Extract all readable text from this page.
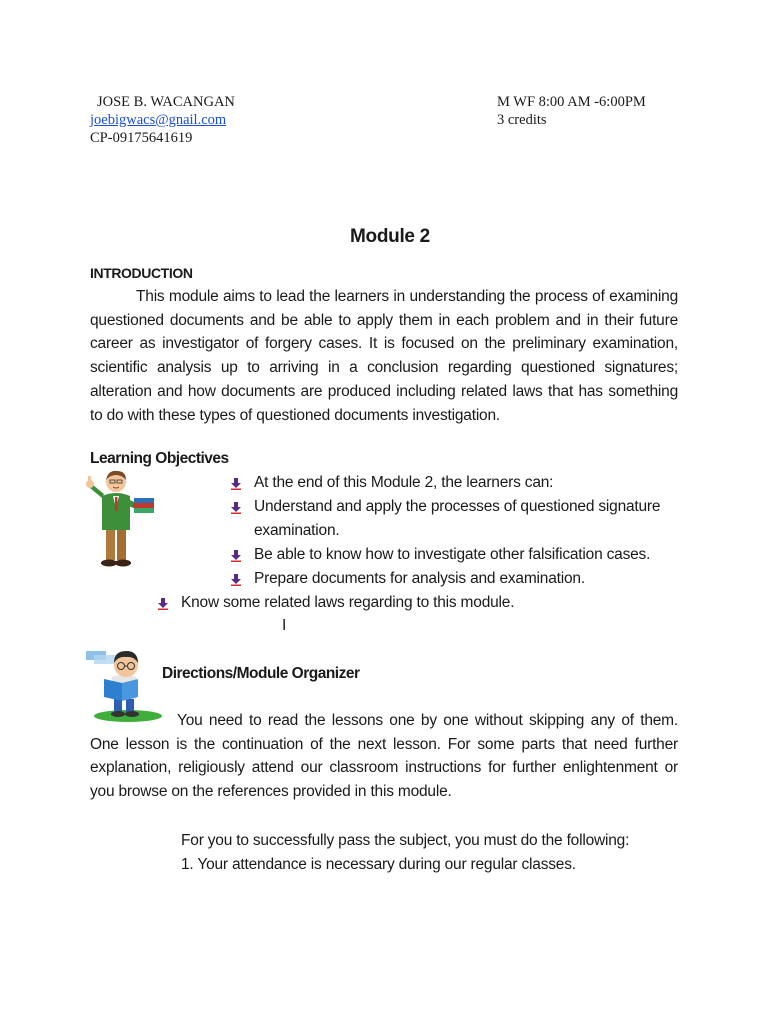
JOSE B. WACANGAN
joebigwacs@gnail.com
CP-09175641619
M WF 8:00 AM -6:00PM
3 credits
Module 2
INTRODUCTION
This module aims to lead the learners in understanding the process of examining questioned documents and be able to apply them in each problem and in their future career as investigator of forgery cases. It is focused on the preliminary examination, scientific analysis up to arriving in a conclusion regarding questioned signatures; alteration and how documents are produced including related laws that has something to do with these types of questioned documents investigation.
Learning Objectives
At the end of this Module 2, the learners can:
Understand and apply the processes of questioned signature
examination.
Be able to know how to investigate other falsification cases.
Prepare documents for analysis and examination.
Know some related laws regarding to this module.
I
Directions/Module Organizer
You need to read the lessons one by one without skipping any of them. One lesson is the continuation of the next lesson. For some parts that need further explanation, religiously attend our classroom instructions for further enlightenment or you browse on the references provided in this module.
For you to successfully pass the subject, you must do the following:
1. Your attendance is necessary during our regular classes.
